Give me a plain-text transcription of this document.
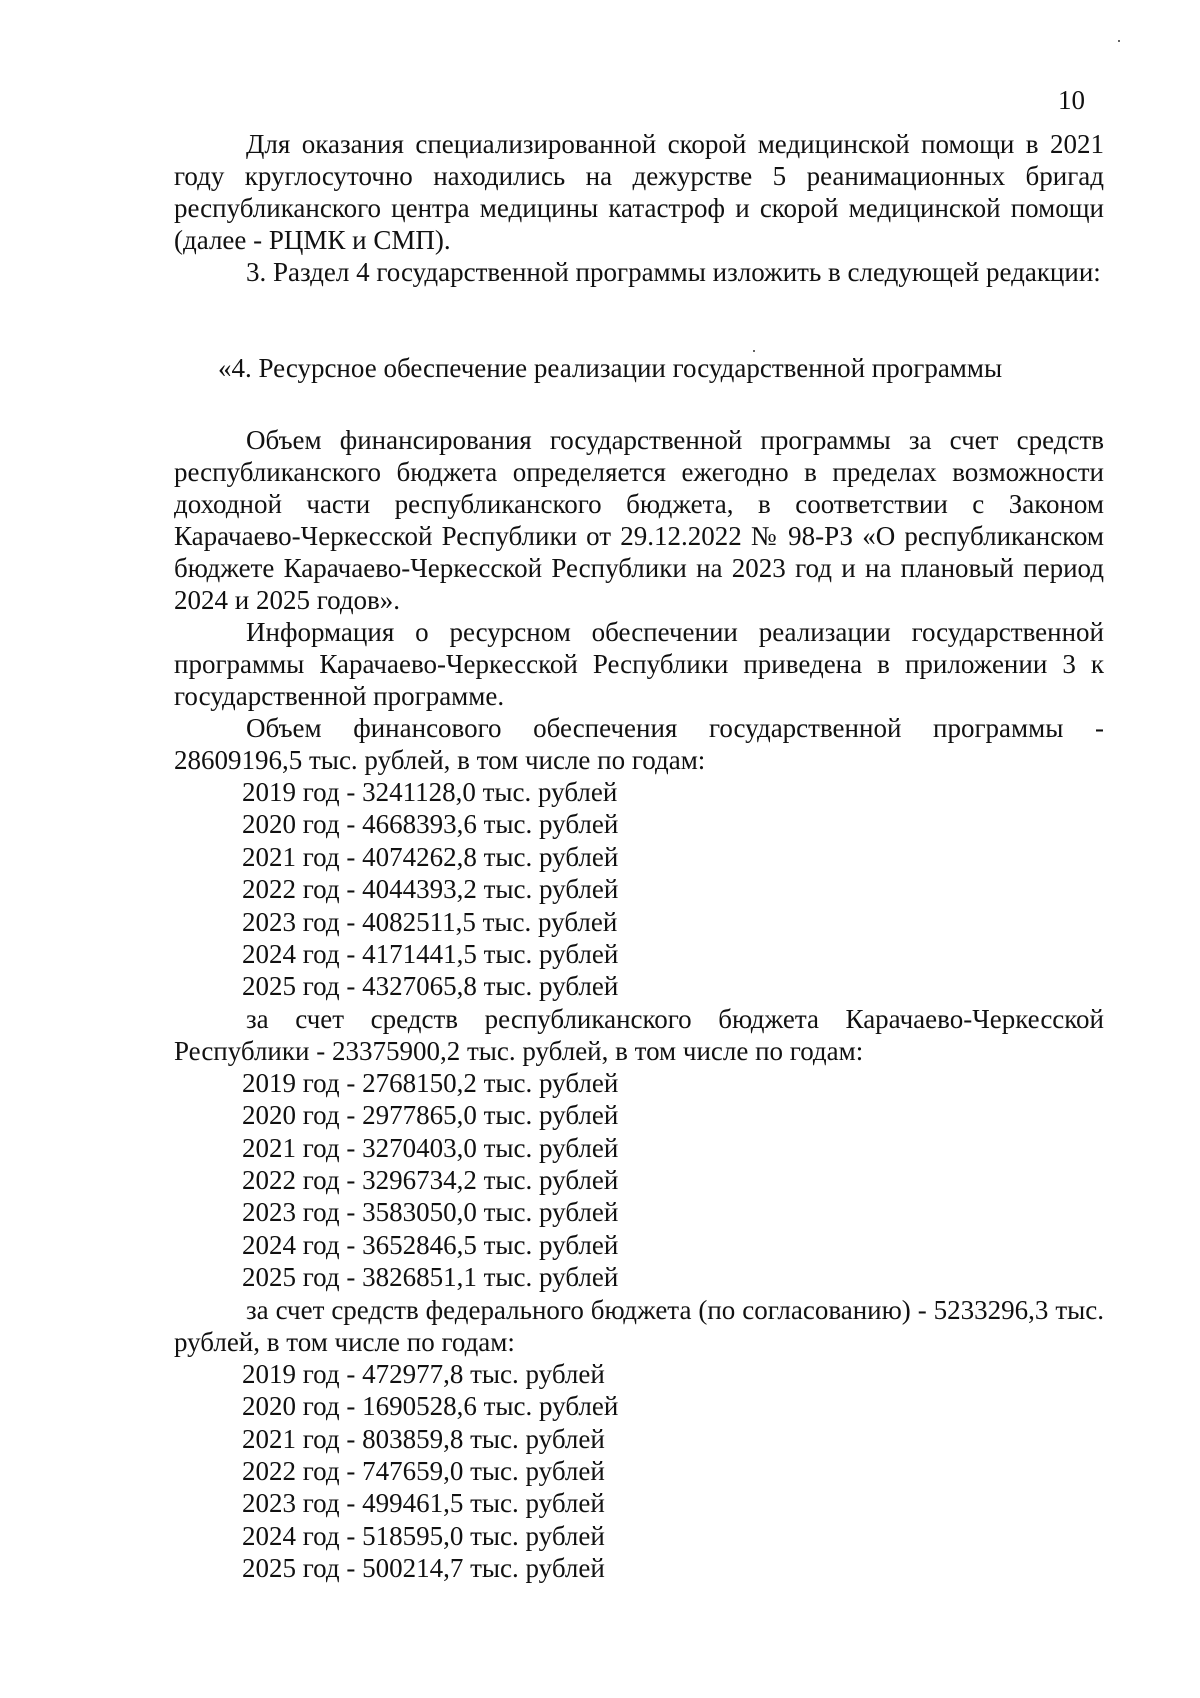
10

Для оказания специализированной скорой медицинской помощи в 2021 году круглосуточно находились на дежурстве 5 реанимационных бригад республиканского центра медицины катастроф и скорой медицинской помощи (далее - РЦМК и СМП).

3. Раздел 4 государственной программы изложить в следующей редакции:

«4. Ресурсное обеспечение реализации государственной программы

Объем финансирования государственной программы за счет средств республиканского бюджета определяется ежегодно в пределах возможности доходной части республиканского бюджета, в соответствии с Законом Карачаево-Черкесской Республики от 29.12.2022 № 98-РЗ «О республиканском бюджете Карачаево-Черкесской Республики на 2023 год и на плановый период 2024 и 2025 годов».

Информация о ресурсном обеспечении реализации государственной программы Карачаево-Черкесской Республики приведена в приложении 3 к государственной программе.

Объем финансового обеспечения государственной программы - 28609196,5 тыс. рублей, в том числе по годам:

2019 год - 3241128,0 тыс. рублей

2020 год - 4668393,6 тыс. рублей

2021 год - 4074262,8 тыс. рублей

2022 год - 4044393,2 тыс. рублей

2023 год - 4082511,5 тыс. рублей

2024 год - 4171441,5 тыс. рублей

2025 год - 4327065,8 тыс. рублей

за счет средств республиканского бюджета Карачаево-Черкесской Республики - 23375900,2 тыс. рублей, в том числе по годам:

2019 год - 2768150,2 тыс. рублей

2020 год - 2977865,0 тыс. рублей

2021 год - 3270403,0 тыс. рублей

2022 год - 3296734,2 тыс. рублей

2023 год - 3583050,0 тыс. рублей

2024 год - 3652846,5 тыс. рублей

2025 год - 3826851,1 тыс. рублей

за счет средств федерального бюджета (по согласованию) - 5233296,3 тыс. рублей, в том числе по годам:

2019 год - 472977,8 тыс. рублей

2020 год - 1690528,6 тыс. рублей

2021 год - 803859,8 тыс. рублей

2022 год - 747659,0 тыс. рублей

2023 год - 499461,5 тыс. рублей

2024 год - 518595,0 тыс. рублей

2025 год - 500214,7 тыс. рублей
